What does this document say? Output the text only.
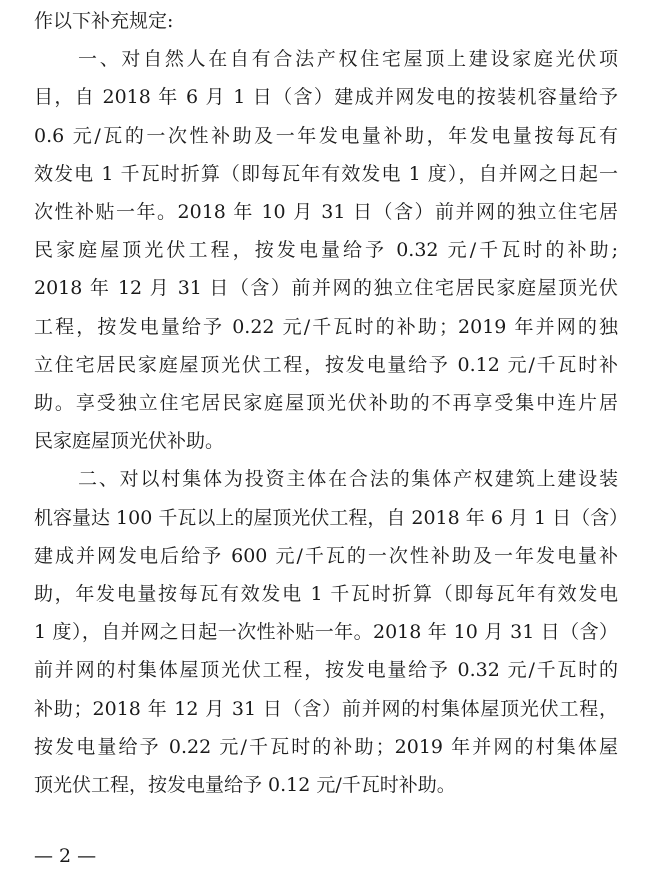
作以下补充规定:
一、对自然人在自有合法产权住宅屋顶上建设家庭光伏项
目，自 2018 年 6 月 1 日（含）建成并网发电的按装机容量给予
0.6 元/瓦的一次性补助及一年发电量补助，年发电量按每瓦有
效发电 1 千瓦时折算（即每瓦年有效发电 1 度），自并网之日起一
次性补贴一年。2018 年 10 月 31 日（含）前并网的独立住宅居
民家庭屋顶光伏工程，按发电量给予 0.32 元/千瓦时的补助;
2018 年 12 月 31 日（含）前并网的独立住宅居民家庭屋顶光伏
工程，按发电量给予 0.22 元/千瓦时的补助；2019 年并网的独
立住宅居民家庭屋顶光伏工程，按发电量给予 0.12 元/千瓦时补
助。享受独立住宅居民家庭屋顶光伏补助的不再享受集中连片居
民家庭屋顶光伏补助。
二、对以村集体为投资主体在合法的集体产权建筑上建设装
机容量达 100 千瓦以上的屋顶光伏工程，自 2018 年 6 月 1 日（含）
建成并网发电后给予 600 元/千瓦的一次性补助及一年发电量补
助，年发电量按每瓦有效发电 1 千瓦时折算（即每瓦年有效发电
1 度），自并网之日起一次性补贴一年。2018 年 10 月 31 日（含）
前并网的村集体屋顶光伏工程，按发电量给予 0.32 元/千瓦时的
补助；2018 年 12 月 31 日（含）前并网的村集体屋顶光伏工程，
按发电量给予 0.22 元/千瓦时的补助；2019 年并网的村集体屋
顶光伏工程，按发电量给予 0.12 元/千瓦时补助。
— 2 —
